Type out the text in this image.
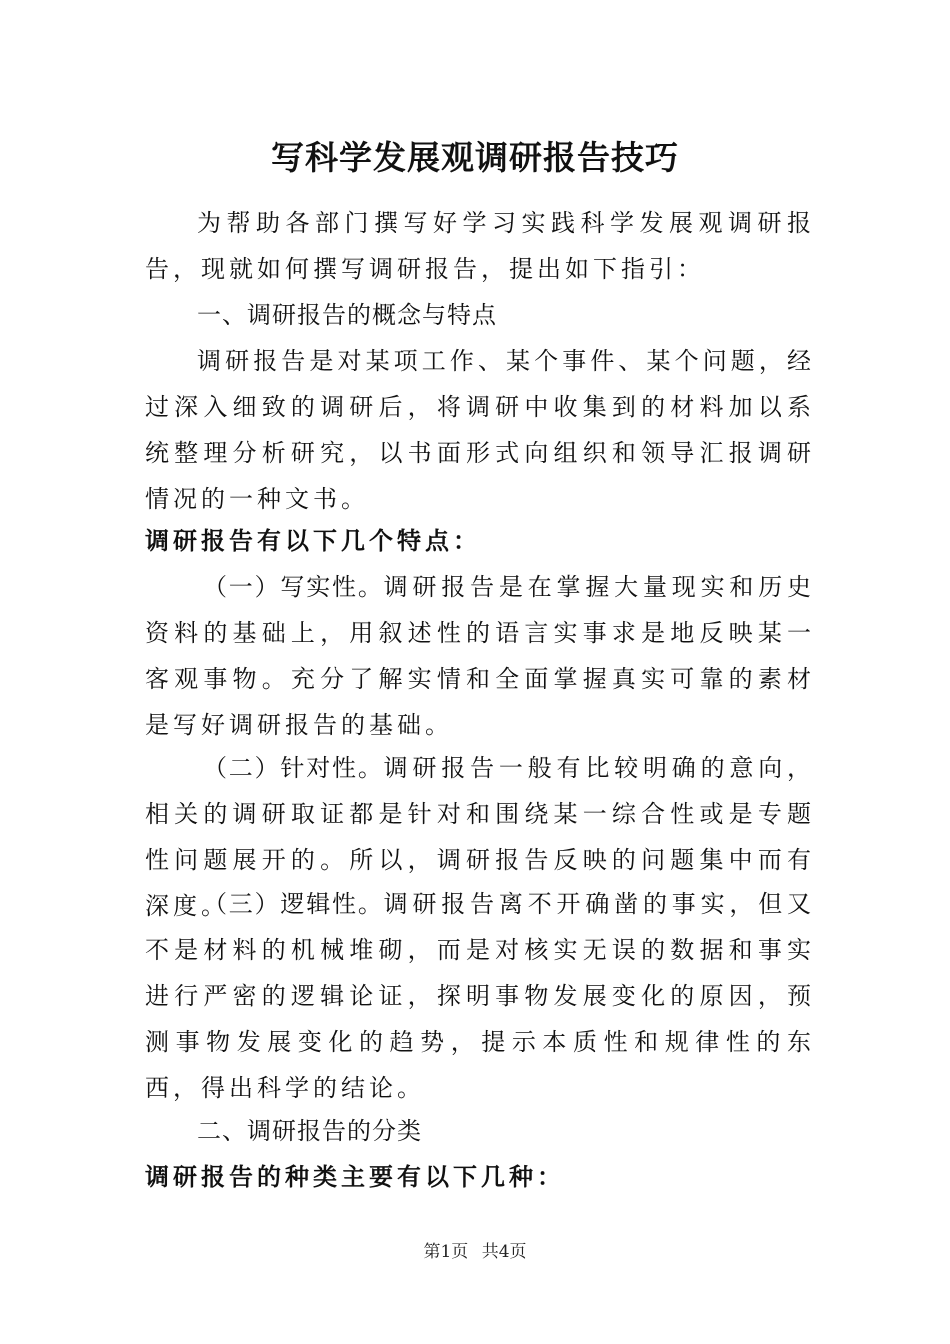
写科学发展观调研报告技巧

为帮助各部门撰写好学习实践科学发展观调研报告，现就如何撰写调研报告，提出如下指引：

一、调研报告的概念与特点

调研报告是对某项工作、某个事件、某个问题，经过深入细致的调研后，将调研中收集到的材料加以系统整理分析研究，以书面形式向组织和领导汇报调研情况的一种文书。

调研报告有以下几个特点：

（一）写实性。调研报告是在掌握大量现实和历史资料的基础上，用叙述性的语言实事求是地反映某一客观事物。充分了解实情和全面掌握真实可靠的素材是写好调研报告的基础。

（二）针对性。调研报告一般有比较明确的意向，相关的调研取证都是针对和围绕某一综合性或是专题性问题展开的。所以，调研报告反映的问题集中而有深度。

（三）逻辑性。调研报告离不开确凿的事实，但又不是材料的机械堆砌，而是对核实无误的数据和事实进行严密的逻辑论证，探明事物发展变化的原因，预测事物发展变化的趋势，提示本质性和规律性的东西，得出科学的结论。

二、调研报告的分类

调研报告的种类主要有以下几种：

第1页 共4页
